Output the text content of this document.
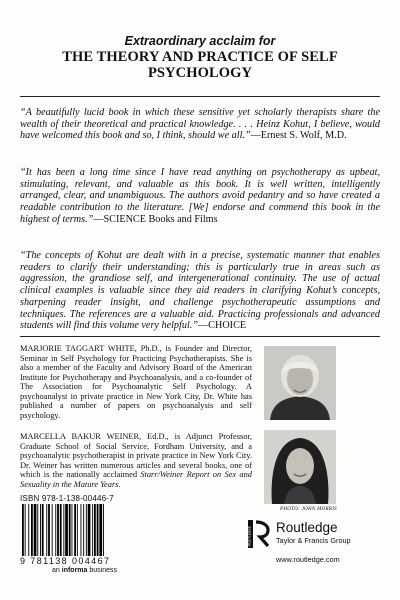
Extraordinary acclaim for
THE THEORY AND PRACTICE OF SELF PSYCHOLOGY
“A beautifully lucid book in which these sensitive yet scholarly therapists share the wealth of their theoretical and practical knowledge. . . . Heinz Kohut, I believe, would have welcomed this book and so, I think, should we all.”—Ernest S. Wolf, M.D.
“It has been a long time since I have read anything on psychotherapy as upbeat, stimulating, relevant, and valuable as this book. It is well written, intelligently arranged, clear, and unambiguous. The authors avoid pedantry and so have created a readable contribution to the literature. [We] endorse and commend this book in the highest of terms.”—SCIENCE Books and Films
“The concepts of Kohut are dealt with in a precise, systematic manner that enables readers to clarify their understanding; this is particularly true in areas such as aggression, the grandiose self, and intergenerational continuity. The use of actual clinical examples is valuable since they aid readers in clarifying Kohut’s concepts, sharpening reader insight, and challenge psychotherapeutic assumptions and techniques. The references are a valuable aid. Practicing professionals and advanced students will find this volume very helpful.”—CHOICE
MARJORIE TAGGART WHITE, Ph.D., is Founder and Director, Seminar in Self Psychology for Practicing Psychotherapists. She is also a member of the Faculty and Advisory Board of the American Institute for Psychotherapy and Psychoanalysis, and a co-founder of The Association for Psychoanalytic Self Psychology. A psychoanalyst in private practice in New York City, Dr. White has published a number of papers on psychoanalysis and self psychology.
MARCELLA BAKUR WEINER, Ed.D., is Adjunct Professor, Graduate School of Social Service, Fordham University, and a psychoanalytic psychotherapist in private practice in New York City. Dr. Weiner has written numerous articles and several books, one of which is the nationally acclaimed Starr/Weiner Report on Sex and Sexuality in the Mature Years.
PHOTO: JOHN MORRIS
ISBN 978-1-138-00446-7
9 781138 004467
an informa business
ROUTLEDGE Routledge
Taylor & Francis Group
www.routledge.com
